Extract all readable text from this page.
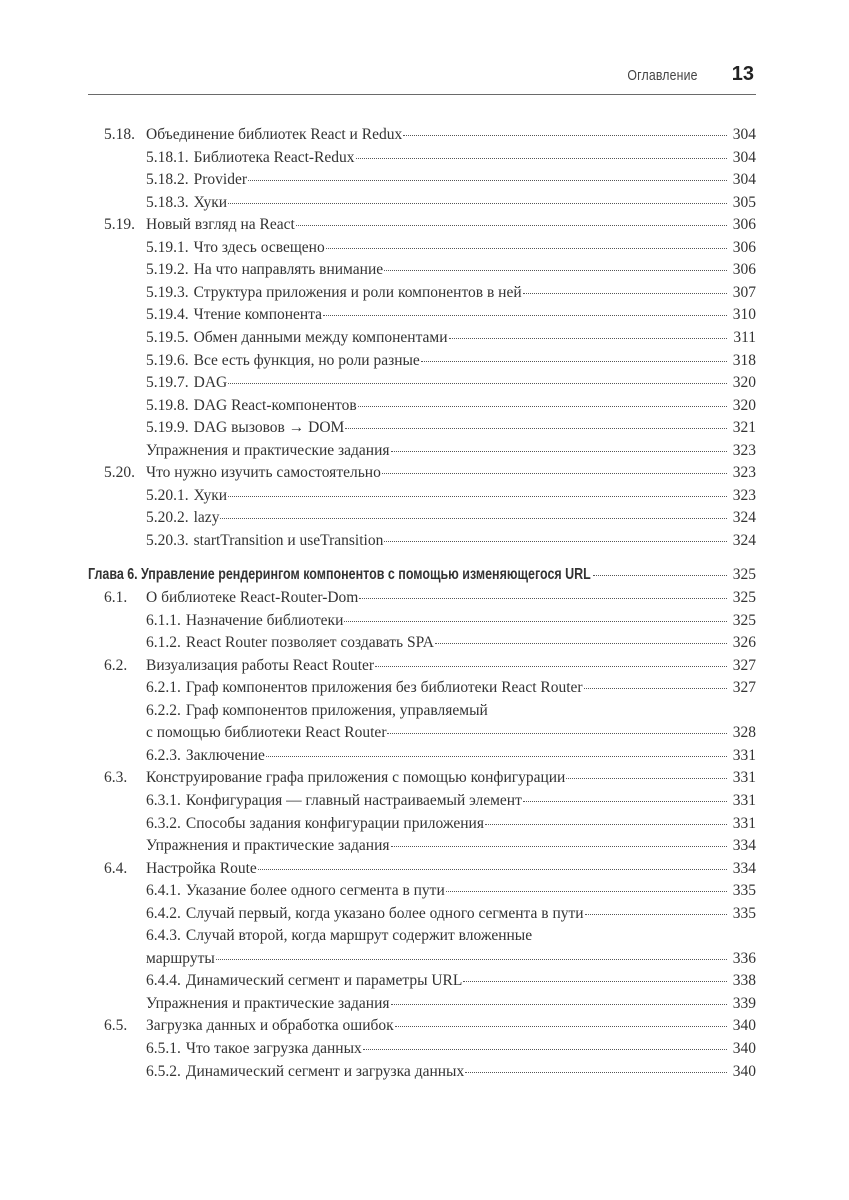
Оглавление 13
5.18. Объединение библиотек React и Redux	304
5.18.1. Библиотека React-Redux	304
5.18.2. Provider	304
5.18.3. Хуки	305
5.19. Новый взгляд на React	306
5.19.1. Что здесь освещено	306
5.19.2. На что направлять внимание	306
5.19.3. Структура приложения и роли компонентов в ней	307
5.19.4. Чтение компонента	310
5.19.5. Обмен данными между компонентами	311
5.19.6. Все есть функция, но роли разные	318
5.19.7. DAG	320
5.19.8. DAG React-компонентов	320
5.19.9. DAG вызовов → DOM	321
Упражнения и практические задания	323
5.20. Что нужно изучить самостоятельно	323
5.20.1. Хуки	323
5.20.2. lazy	324
5.20.3. startTransition и useTransition	324
Глава 6. Управление рендерингом компонентов с помощью изменяющегося URL	325
6.1.	О библиотеке React-Router-Dom	325
6.1.1. Назначение библиотеки	325
6.1.2. React Router позволяет создавать SPA	326
6.2.	Визуализация работы React Router	327
6.2.1. Граф компонентов приложения без библиотеки React Router	327
6.2.2. Граф компонентов приложения, управляемый
с помощью библиотеки React Router	328
6.2.3. Заключение	331
6.3.	Конструирование графа приложения с помощью конфигурации	331
6.3.1. Конфигурация — главный настраиваемый элемент	331
6.3.2. Способы задания конфигурации приложения	331
Упражнения и практические задания	334
6.4.	Настройка Route	334
6.4.1. Указание более одного сегмента в пути	335
6.4.2. Случай первый, когда указано более одного сегмента в пути	335
6.4.3. Случай второй, когда маршрут содержит вложенные
маршруты	336
6.4.4. Динамический сегмент и параметры URL	338
Упражнения и практические задания	339
6.5.	Загрузка данных и обработка ошибок	340
6.5.1. Что такое загрузка данных	340
6.5.2. Динамический сегмент и загрузка данных	340
